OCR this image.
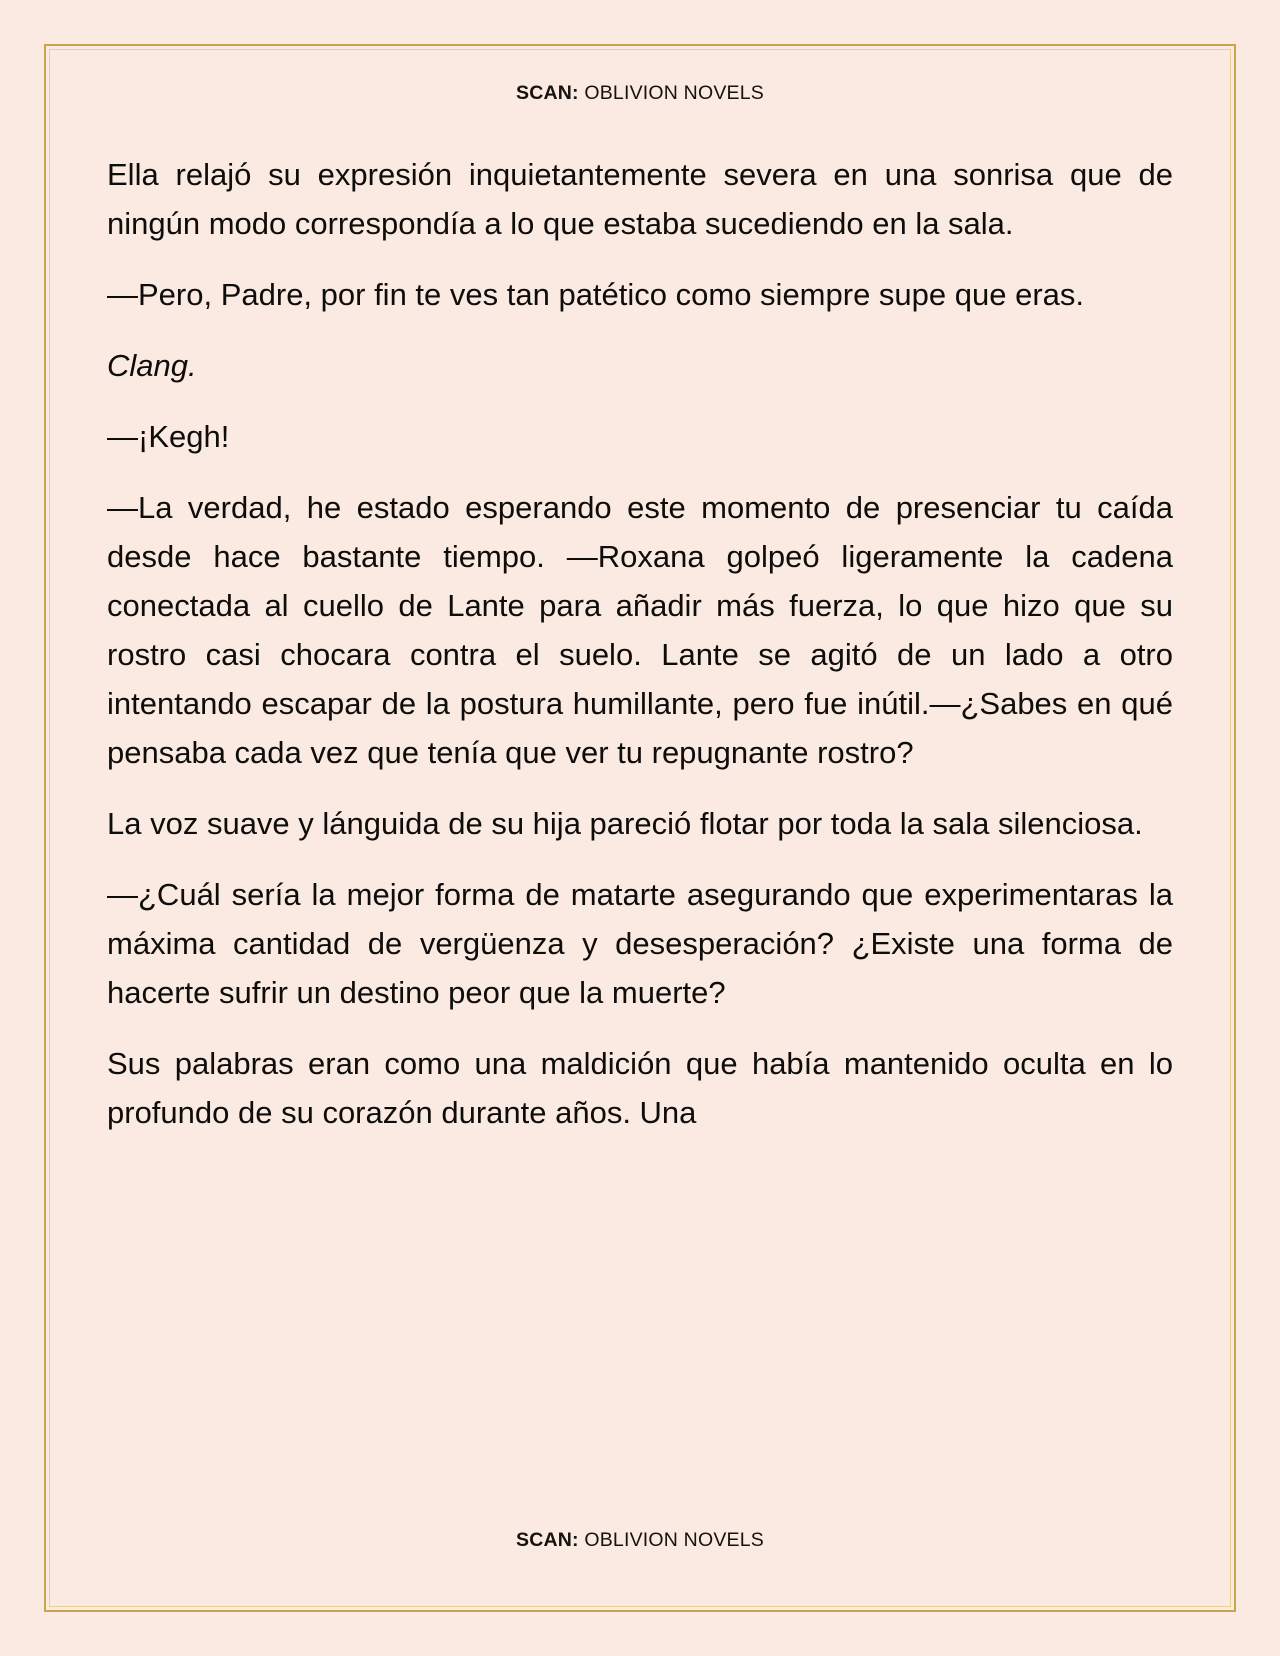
SCAN: OBLIVION NOVELS

Ella relajó su expresión inquietantemente severa en una sonrisa que de ningún modo correspondía a lo que estaba sucediendo en la sala.

—Pero, Padre, por fin te ves tan patético como siempre supe que eras.

Clang.

—¡Kegh!

—La verdad, he estado esperando este momento de presenciar tu caída desde hace bastante tiempo. —Roxana golpeó ligeramente la cadena conectada al cuello de Lante para añadir más fuerza, lo que hizo que su rostro casi chocara contra el suelo. Lante se agitó de un lado a otro intentando escapar de la postura humillante, pero fue inútil.—¿Sabes en qué pensaba cada vez que tenía que ver tu repugnante rostro?

La voz suave y lánguida de su hija pareció flotar por toda la sala silenciosa.

—¿Cuál sería la mejor forma de matarte asegurando que experimentaras la máxima cantidad de vergüenza y desesperación? ¿Existe una forma de hacerte sufrir un destino peor que la muerte?

Sus palabras eran como una maldición que había mantenido oculta en lo profundo de su corazón durante años. Una

SCAN: OBLIVION NOVELS
